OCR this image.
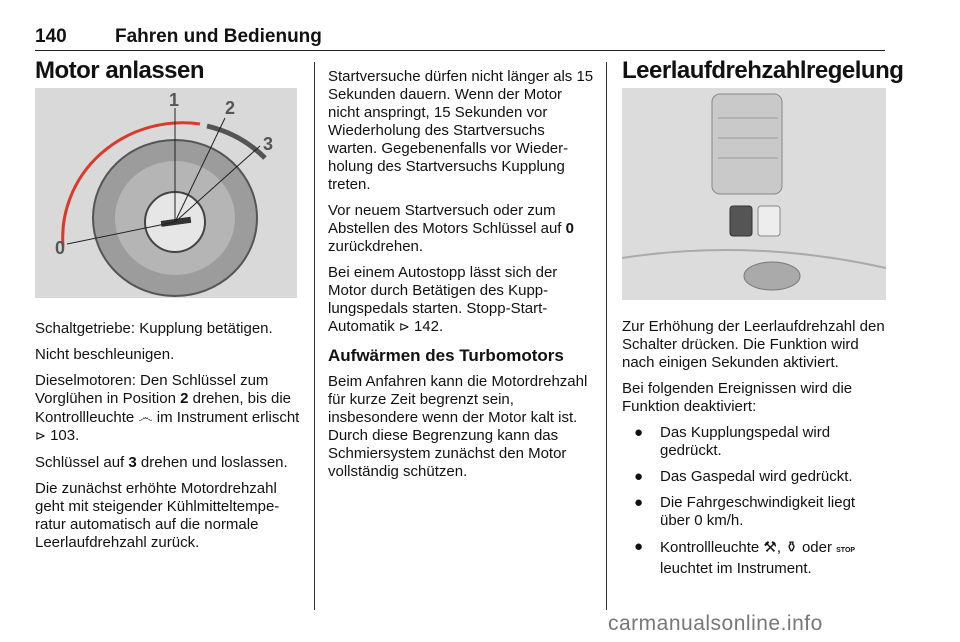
140	Fahren und Bedienung
Motor anlassen
0
1	2
3

Schaltgetriebe: Kupplung betätigen.

Nicht beschleunigen.

Dieselmotoren: Den Schlüssel zum Vorglühen in Position 2 drehen, bis die Kontrollleuchte ෴ im Instrument erlischt ⊳ 103.

Schlüssel auf 3 drehen und loslassen.

Die zunächst erhöhte Motordrehzahl geht mit steigender Kühlmitteltemperatur automatisch auf die normale Leerlaufdrehzahl zurück.

Startversuche dürfen nicht länger als 15 Sekunden dauern. Wenn der Motor nicht anspringt, 15 Sekunden vor Wiederholung des Startversuchs warten. Gegebenenfalls vor Wiederholung des Startversuchs Kupplung treten.

Vor neuem Startversuch oder zum Abstellen des Motors Schlüssel auf 0 zurückdrehen.

Bei einem Autostopp lässt sich der Motor durch Betätigen des Kupplungspedals starten. Stopp-Start-Automatik ⊳ 142.

Aufwärmen des Turbomotors

Beim Anfahren kann die Motordrehzahl für kurze Zeit begrenzt sein, insbesondere wenn der Motor kalt ist. Durch diese Begrenzung kann das Schmiersystem zunächst den Motor vollständig schützen.

Leerlaufdrehzahlregelung

Zur Erhöhung der Leerlaufdrehzahl den Schalter drücken. Die Funktion wird nach einigen Sekunden aktiviert.

Bei folgenden Ereignissen wird die Funktion deaktiviert:

● Das Kupplungspedal wird gedrückt.
● Das Gaspedal wird gedrückt.
● Die Fahrgeschwindigkeit liegt über 0 km/h.
● Kontrollleuchte ⚒, ⚱ oder STOP
leuchtet im Instrument.
carmanualsonline.info
